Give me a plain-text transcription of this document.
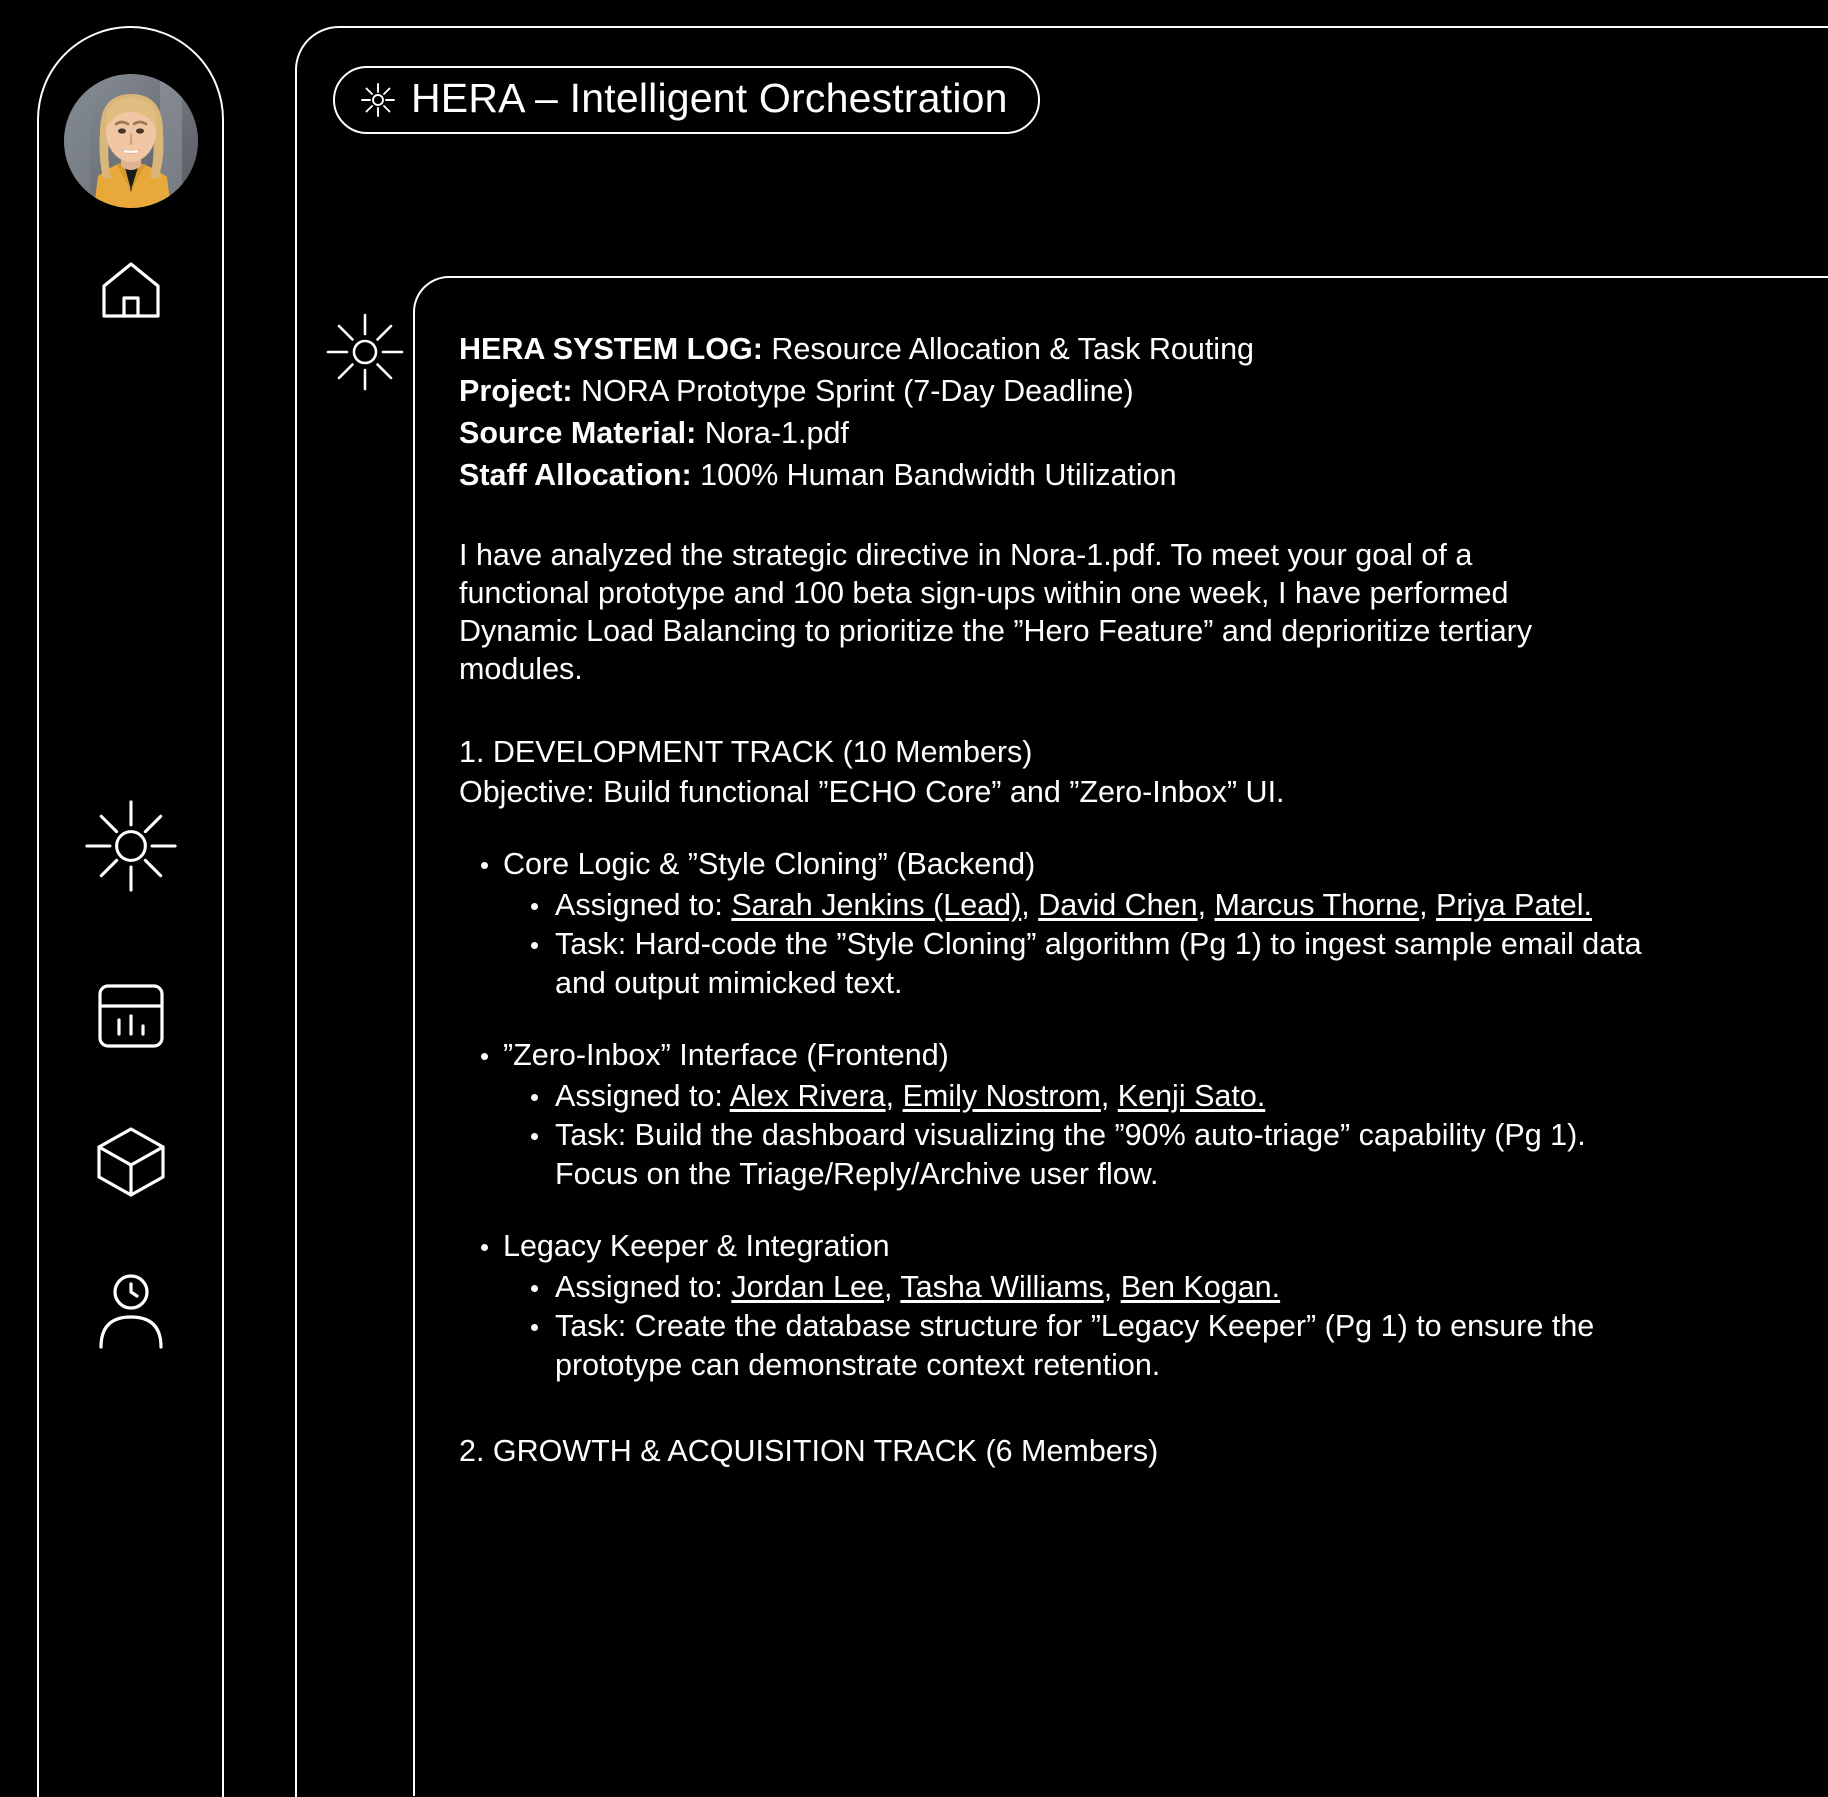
HERA – Intelligent Orchestration
HERA SYSTEM LOG: Resource Allocation & Task Routing
Project: NORA Prototype Sprint (7-Day Deadline)
Source Material: Nora-1.pdf
Staff Allocation: 100% Human Bandwidth Utilization

I have analyzed the strategic directive in Nora-1.pdf. To meet your goal of a functional prototype and 100 beta sign-ups within one week, I have performed Dynamic Load Balancing to prioritize the ”Hero Feature” and deprioritize tertiary modules.

1. DEVELOPMENT TRACK (10 Members)
Objective: Build functional ”ECHO Core” and ”Zero-Inbox” UI.
Core Logic & ”Style Cloning” (Backend)
Assigned to: Sarah Jenkins (Lead), David Chen, Marcus Thorne, Priya Patel.
Task: Hard-code the ”Style Cloning” algorithm (Pg 1) to ingest sample email data and output mimicked text.
”Zero-Inbox” Interface (Frontend)
Assigned to: Alex Rivera, Emily Nostrom, Kenji Sato.
Task: Build the dashboard visualizing the ”90% auto-triage” capability (Pg 1). Focus on the Triage/Reply/Archive user flow.
Legacy Keeper & Integration
Assigned to: Jordan Lee, Tasha Williams, Ben Kogan.
Task: Create the database structure for ”Legacy Keeper” (Pg 1) to ensure the prototype can demonstrate context retention.
2. GROWTH & ACQUISITION TRACK (6 Members)
